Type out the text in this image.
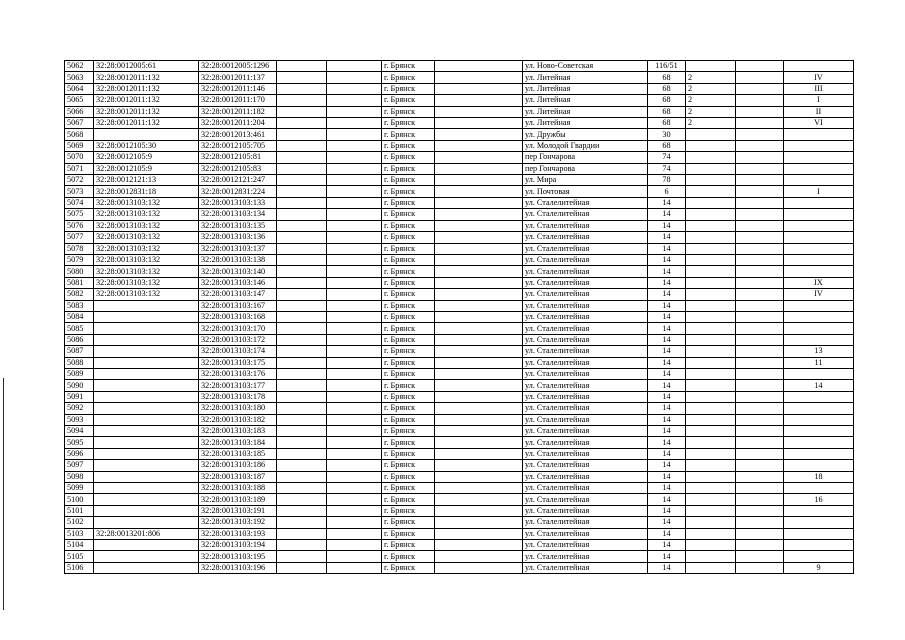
5062	32:28:0012005:61	32:28:0012005:1296			г. Брянск		ул. Ново-Советская	116/51			
5063	32:28:0012011:132	32:28:0012011:137			г. Брянск		ул. Литейная	68	2		IV
5064	32:28:0012011:132	32:28:0012011:146			г. Брянск		ул. Литейная	68	2		III
5065	32:28:0012011:132	32:28:0012011:170			г. Брянск		ул. Литейная	68	2		I
5066	32:28:0012011:132	32:28:0012011:182			г. Брянск		ул. Литейная	68	2		II
5067	32:28:0012011:132	32:28:0012011:204			г. Брянск		ул. Литейная	68	2		VI
5068		32:28:0012013:461			г. Брянск		ул. Дружбы	30			
5069	32:28:0012105:30	32:28:0012105:705			г. Брянск		ул. Молодой Гвардии	68			
5070	32:28:0012105:9	32:28:0012105:81			г. Брянск		пер Гончарова	74			
5071	32:28:0012105:9	32:28:0012105:83			г. Брянск		пер Гончарова	74			
5072	32:28:0012121:13	32:28:0012121:247			г. Брянск		ул. Мира	78			
5073	32:28:0012831:18	32:28:0012831:224			г. Брянск		ул. Почтовая	6			I
5074	32:28:0013103:132	32:28:0013103:133			г. Брянск		ул. Сталелитейная	14			
5075	32:28:0013103:132	32:28:0013103:134			г. Брянск		ул. Сталелитейная	14			
5076	32:28:0013103:132	32:28:0013103:135			г. Брянск		ул. Сталелитейная	14			
5077	32:28:0013103:132	32:28:0013103:136			г. Брянск		ул. Сталелитейная	14			
5078	32:28:0013103:132	32:28:0013103:137			г. Брянск		ул. Сталелитейная	14			
5079	32:28:0013103:132	32:28:0013103:138			г. Брянск		ул. Сталелитейная	14			
5080	32:28:0013103:132	32:28:0013103:140			г. Брянск		ул. Сталелитейная	14			
5081	32:28:0013103:132	32:28:0013103:146			г. Брянск		ул. Сталелитейная	14			IX
5082	32:28:0013103:132	32:28:0013103:147			г. Брянск		ул. Сталелитейная	14			IV
5083		32:28:0013103:167			г. Брянск		ул. Сталелитейная	14			
5084		32:28:0013103:168			г. Брянск		ул. Сталелитейная	14			
5085		32:28:0013103:170			г. Брянск		ул. Сталелитейная	14			
5086		32:28:0013103:172			г. Брянск		ул. Сталелитейная	14			
5087		32:28:0013103:174			г. Брянск		ул. Сталелитейная	14			13
5088		32:28:0013103:175			г. Брянск		ул. Сталелитейная	14			11
5089		32:28:0013103:176			г. Брянск		ул. Сталелитейная	14			
5090		32:28:0013103:177			г. Брянск		ул. Сталелитейная	14			14
5091		32:28:0013103:178			г. Брянск		ул. Сталелитейная	14			
5092		32:28:0013103:180			г. Брянск		ул. Сталелитейная	14			
5093		32:28:0013103:182			г. Брянск		ул. Сталелитейная	14			
5094		32:28:0013103:183			г. Брянск		ул. Сталелитейная	14			
5095		32:28:0013103:184			г. Брянск		ул. Сталелитейная	14			
5096		32:28:0013103:185			г. Брянск		ул. Сталелитейная	14			
5097		32:28:0013103:186			г. Брянск		ул. Сталелитейная	14			
5098		32:28:0013103:187			г. Брянск		ул. Сталелитейная	14			18
5099		32:28:0013103:188			г. Брянск		ул. Сталелитейная	14			
5100		32:28:0013103:189			г. Брянск		ул. Сталелитейная	14			16
5101		32:28:0013103:191			г. Брянск		ул. Сталелитейная	14			
5102		32:28:0013103:192			г. Брянск		ул. Сталелитейная	14			
5103	32:28:0013201:806	32:28:0013103:193			г. Брянск		ул. Сталелитейная	14			
5104		32:28:0013103:194			г. Брянск		ул. Сталелитейная	14			
5105		32:28:0013103:195			г. Брянск		ул. Сталелитейная	14			
5106		32:28:0013103:196			г. Брянск		ул. Сталелитейная	14			9
